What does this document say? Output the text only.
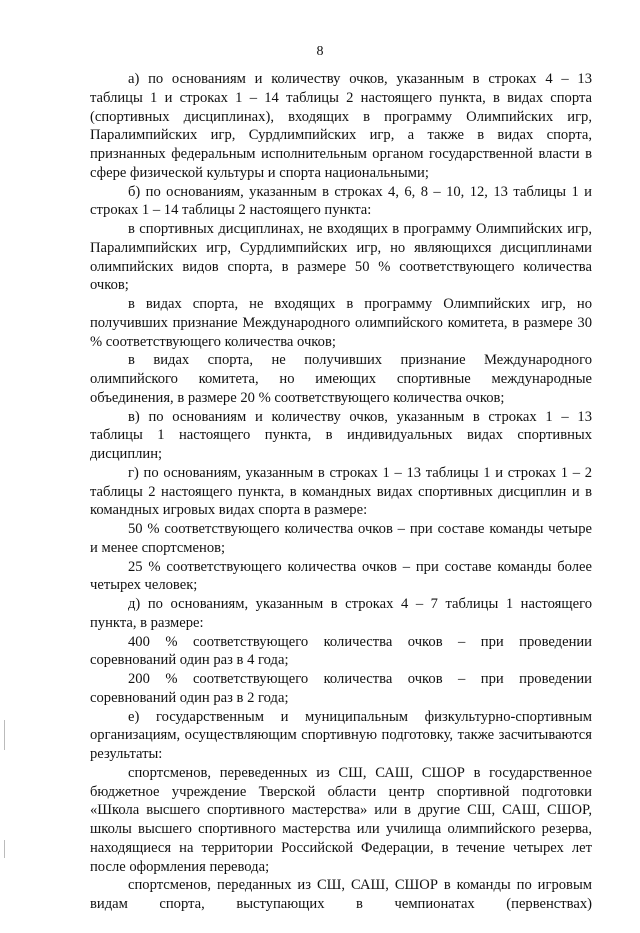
8

а) по основаниям и количеству очков, указанным в строках 4 – 13 таблицы 1 и строках 1 – 14 таблицы 2 настоящего пункта, в видах спорта (спортивных дисциплинах), входящих в программу Олимпийских игр, Паралимпийских игр, Сурдлимпийских игр, а также в видах спорта, признанных федеральным исполнительным органом государственной власти в сфере физической культуры и спорта национальными;

б) по основаниям, указанным в строках 4, 6, 8 – 10, 12, 13 таблицы 1 и строках 1 – 14 таблицы 2 настоящего пункта:

в спортивных дисциплинах, не входящих в программу Олимпийских игр, Паралимпийских игр, Сурдлимпийских игр, но являющихся дисциплинами олимпийских видов спорта, в размере 50 % соответствующего количества очков;

в видах спорта, не входящих в программу Олимпийских игр, но получивших признание Международного олимпийского комитета, в размере 30 % соответствующего количества очков;

в видах спорта, не получивших признание Международного олимпийского комитета, но имеющих спортивные международные объединения, в размере 20 % соответствующего количества очков;

в) по основаниям и количеству очков, указанным в строках 1 – 13 таблицы 1 настоящего пункта, в индивидуальных видах спортивных дисциплин;

г) по основаниям, указанным в строках 1 – 13 таблицы 1 и строках 1 – 2 таблицы 2 настоящего пункта, в командных видах спортивных дисциплин и в командных игровых видах спорта в размере:

50 % соответствующего количества очков – при составе команды четыре и менее спортсменов;

25 % соответствующего количества очков – при составе команды более четырех человек;

д) по основаниям, указанным в строках 4 – 7 таблицы 1 настоящего пункта, в размере:

400 % соответствующего количества очков – при проведении соревнований один раз в 4 года;

200 % соответствующего количества очков – при проведении соревнований один раз в 2 года;

е) государственным и муниципальным физкультурно-спортивным организациям, осуществляющим спортивную подготовку, также засчитываются результаты:

спортсменов, переведенных из СШ, САШ, СШОР в государственное бюджетное учреждение Тверской области центр спортивной подготовки «Школа высшего спортивного мастерства» или в другие СШ, САШ, СШОР, школы высшего спортивного мастерства или училища олимпийского резерва, находящиеся на территории Российской Федерации, в течение четырех лет после оформления перевода;

спортсменов, переданных из СШ, САШ, СШОР в команды по игровым видам спорта, выступающих в чемпионатах (первенствах)
